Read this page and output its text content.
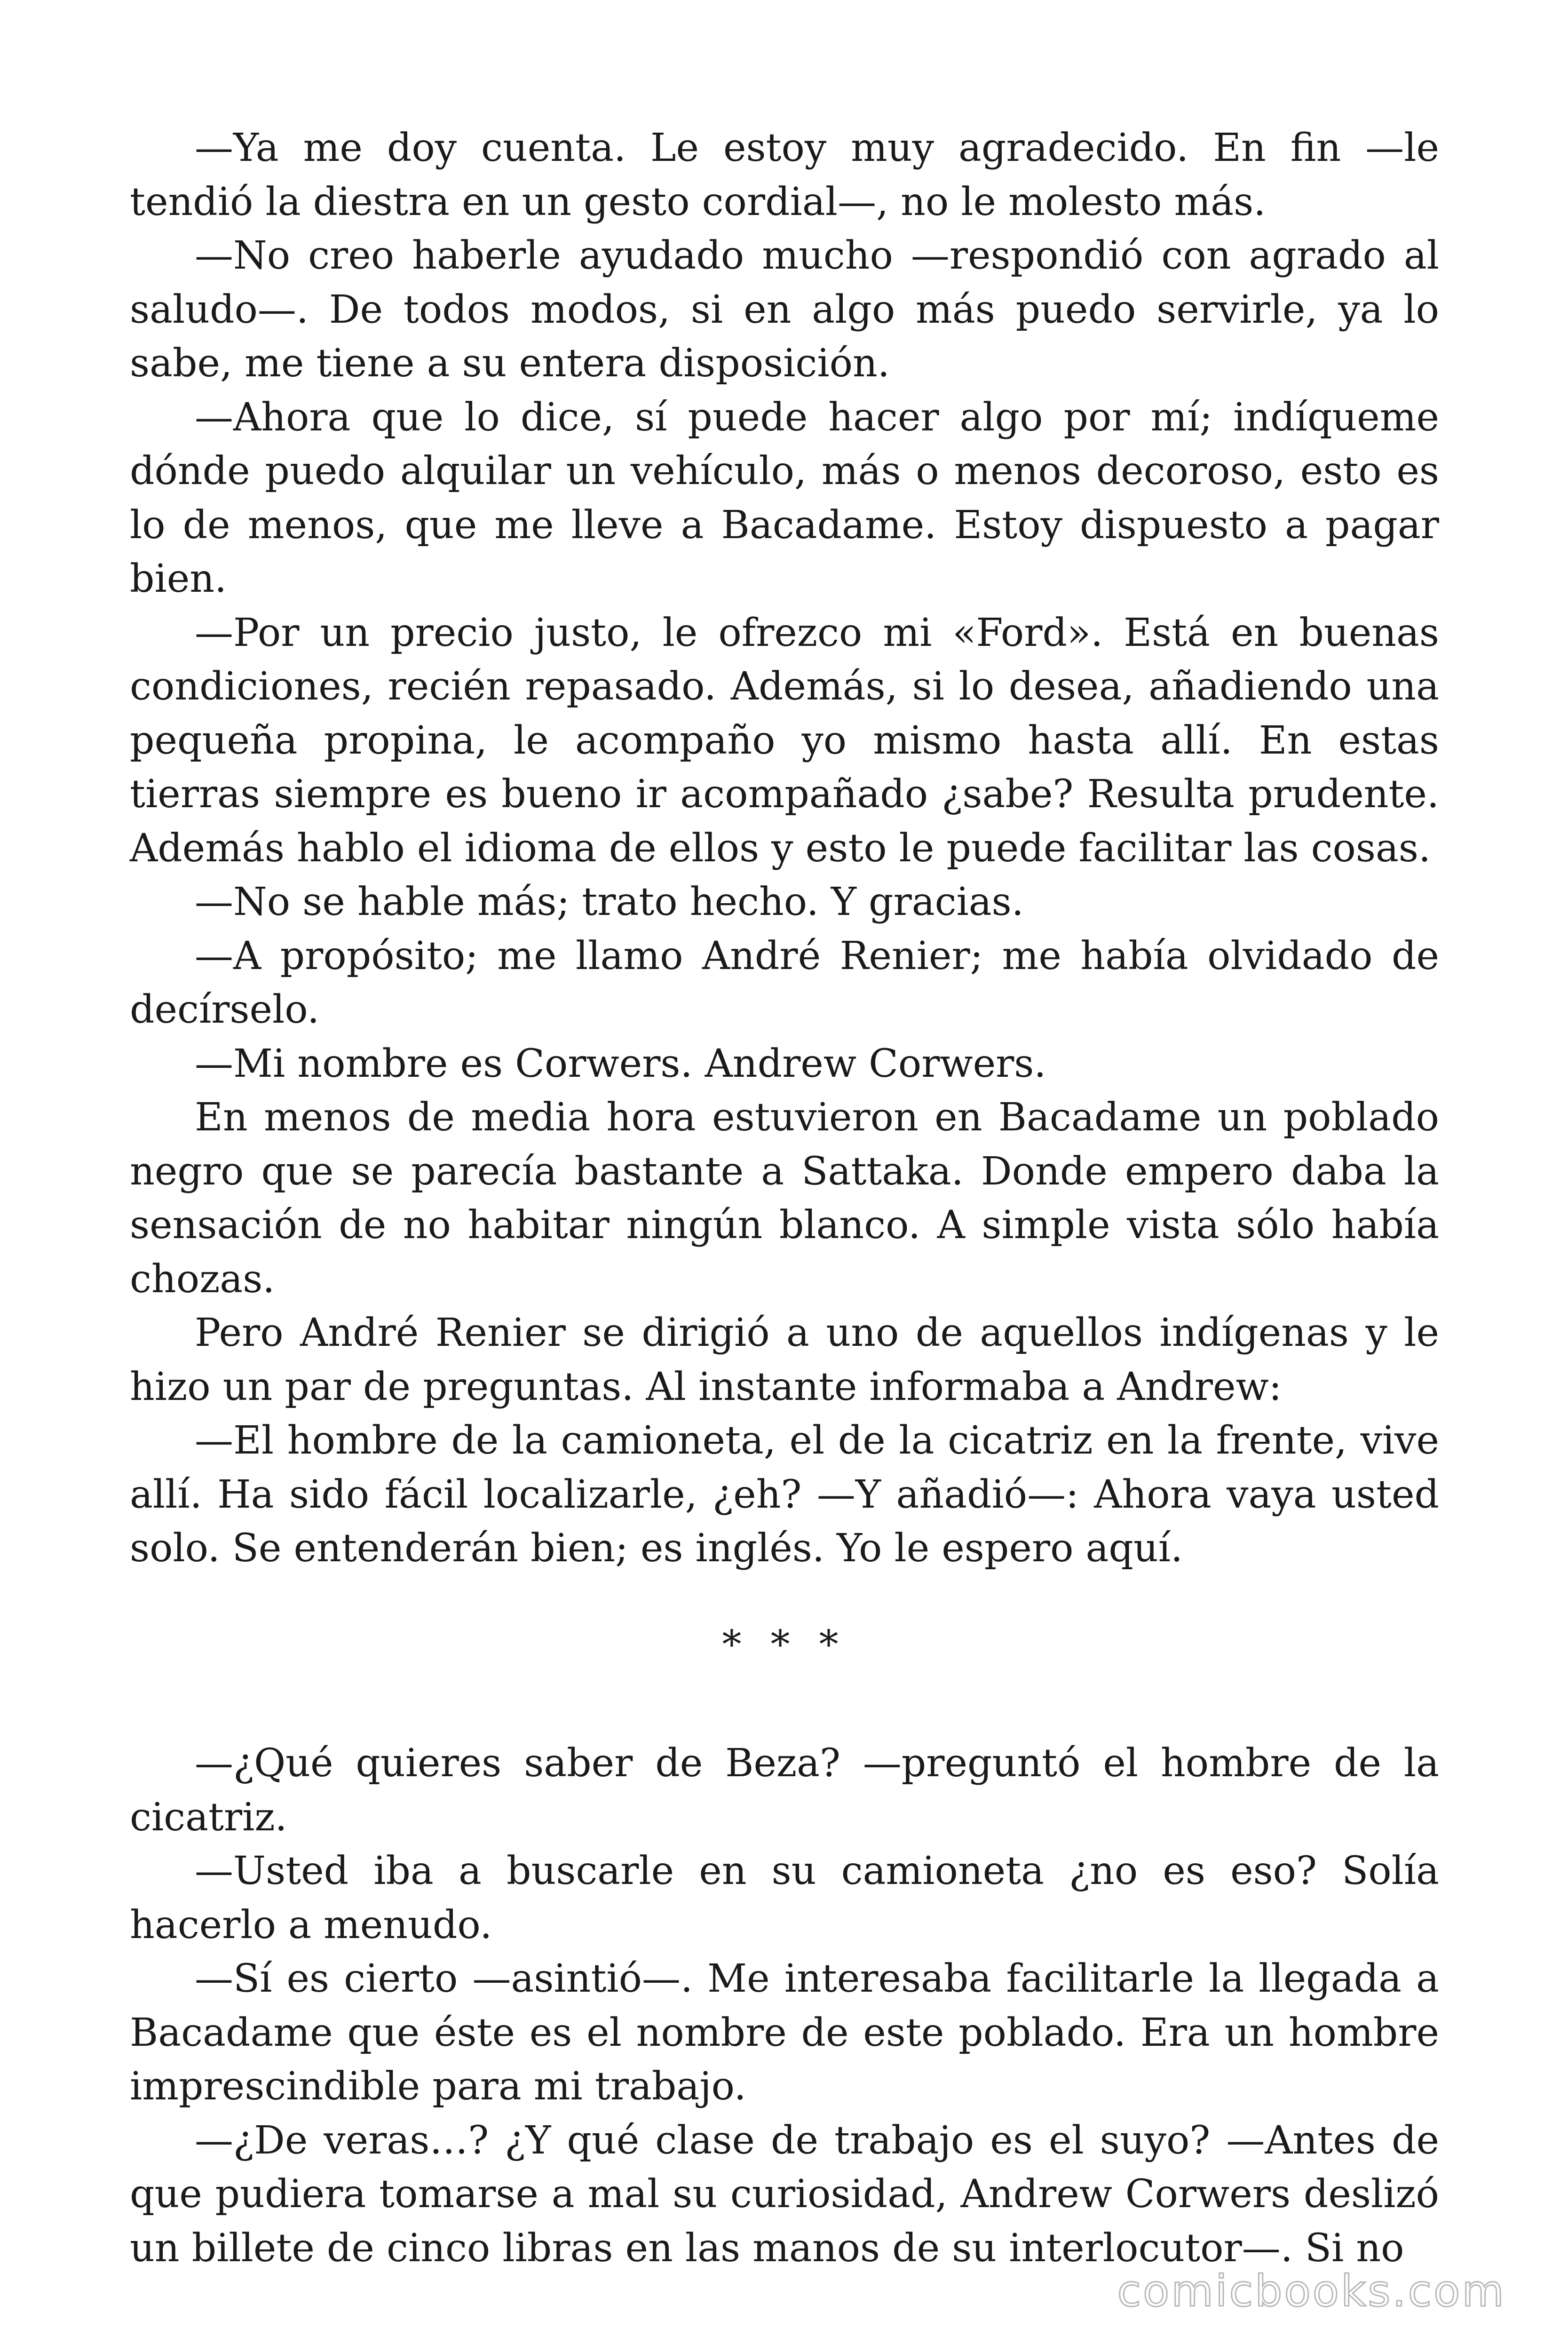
—Ya me doy cuenta. Le estoy muy agradecido. En fin —le tendió la diestra en un gesto cordial—, no le molesto más.

—No creo haberle ayudado mucho —respondió con agrado al saludo—. De todos modos, si en algo más puedo servirle, ya lo sabe, me tiene a su entera disposición.

—Ahora que lo dice, sí puede hacer algo por mí; indíqueme dónde puedo alquilar un vehículo, más o menos decoroso, esto es lo de menos, que me lleve a Bacadame. Estoy dispuesto a pagar bien.

—Por un precio justo, le ofrezco mi «Ford». Está en buenas condiciones, recién repasado. Además, si lo desea, añadiendo una pequeña propina, le acompaño yo mismo hasta allí. En estas tierras siempre es bueno ir acompañado ¿sabe? Resulta prudente. Además hablo el idioma de ellos y esto le puede facilitar las cosas.

—No se hable más; trato hecho. Y gracias.

—A propósito; me llamo André Renier; me había olvidado de decírselo.

—Mi nombre es Corwers. Andrew Corwers.

En menos de media hora estuvieron en Bacadame un poblado negro que se parecía bastante a Sattaka. Donde empero daba la sensación de no habitar ningún blanco. A simple vista sólo había chozas.

Pero André Renier se dirigió a uno de aquellos indígenas y le hizo un par de preguntas. Al instante informaba a Andrew:

—El hombre de la camioneta, el de la cicatriz en la frente, vive allí. Ha sido fácil localizarle, ¿eh? —Y añadió—: Ahora vaya usted solo. Se entenderán bien; es inglés. Yo le espero aquí.

* * *

—¿Qué quieres saber de Beza? —preguntó el hombre de la cicatriz.

—Usted iba a buscarle en su camioneta ¿no es eso? Solía hacerlo a menudo.

—Sí es cierto —asintió—. Me interesaba facilitarle la llegada a Bacadame que éste es el nombre de este poblado. Era un hombre imprescindible para mi trabajo.

—¿De veras…? ¿Y qué clase de trabajo es el suyo? —Antes de que pudiera tomarse a mal su curiosidad, Andrew Corwers deslizó un billete de cinco libras en las manos de su interlocutor—. Si no

comicbooks.com
